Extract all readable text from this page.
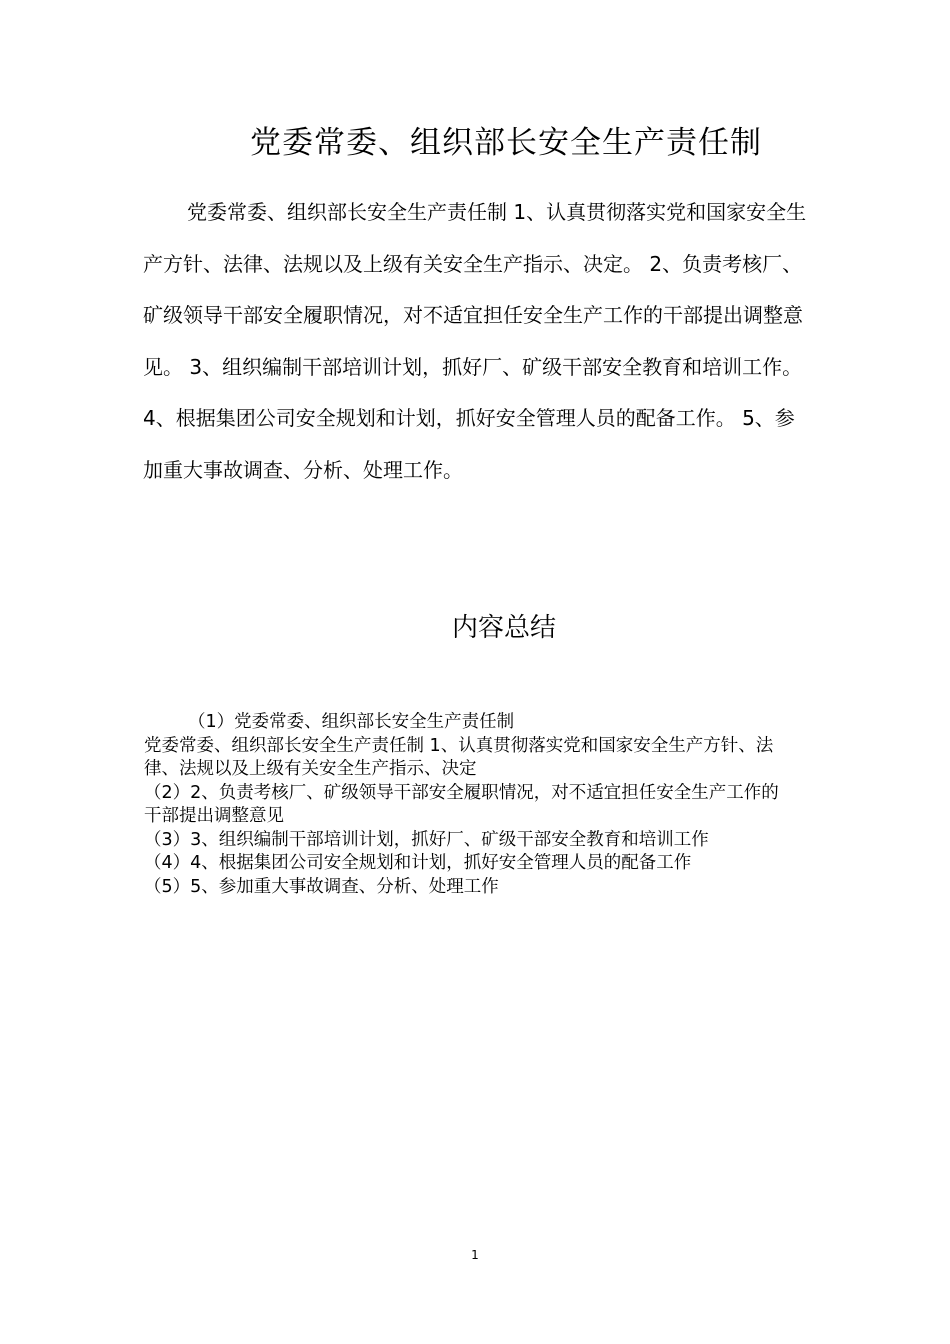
党委常委、组织部长安全生产责任制

党委常委、组织部长安全生产责任制 1、认真贯彻落实党和国家安全生产方针、法律、法规以及上级有关安全生产指示、决定。 2、负责考核厂、矿级领导干部安全履职情况，对不适宜担任安全生产工作的干部提出调整意见。 3、组织编制干部培训计划，抓好厂、矿级干部安全教育和培训工作。 4、根据集团公司安全规划和计划，抓好安全管理人员的配备工作。 5、参加重大事故调查、分析、处理工作。

内容总结
（1）党委常委、组织部长安全生产责任制
党委常委、组织部长安全生产责任制 1、认真贯彻落实党和国家安全生产方针、法律、法规以及上级有关安全生产指示、决定
（2）2、负责考核厂、矿级领导干部安全履职情况，对不适宜担任安全生产工作的干部提出调整意见
（3）3、组织编制干部培训计划，抓好厂、矿级干部安全教育和培训工作
（4）4、根据集团公司安全规划和计划，抓好安全管理人员的配备工作
（5）5、参加重大事故调查、分析、处理工作
1
